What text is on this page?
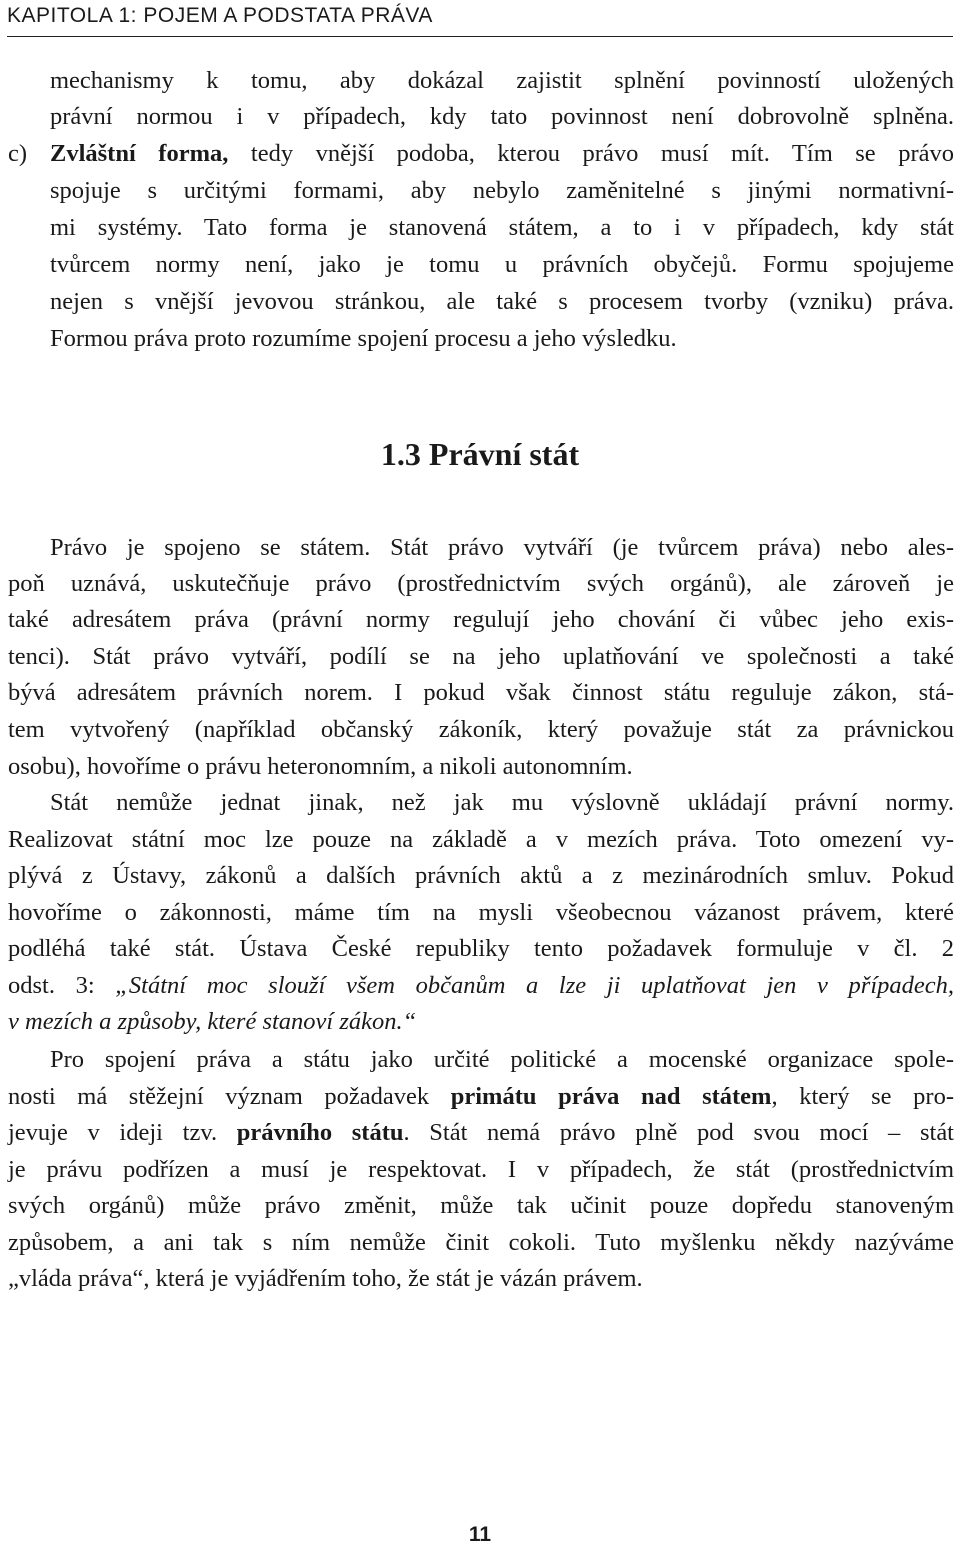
KAPITOLA 1: POJEM A PODSTATA PRÁVA
mechanismy k tomu, aby dokázal zajistit splnění povinností uložených
právní normou i v případech, kdy tato povinnost není dobrovolně splněna.
c) Zvláštní forma, tedy vnější podoba, kterou právo musí mít. Tím se právo
spojuje s určitými formami, aby nebylo zaměnitelné s jinými normativní-
mi systémy. Tato forma je stanovená státem, a to i v případech, kdy stát
tvůrcem normy není, jako je tomu u právních obyčejů. Formu spojujeme
nejen s vnější jevovou stránkou, ale také s procesem tvorby (vzniku) práva.
Formou práva proto rozumíme spojení procesu a jeho výsledku.
1.3 Právní stát
Právo je spojeno se státem. Stát právo vytváří (je tvůrcem práva) nebo ales-
poň uznává, uskutečňuje právo (prostřednictvím svých orgánů), ale zároveň je
také adresátem práva (právní normy regulují jeho chování či vůbec jeho exis-
tenci). Stát právo vytváří, podílí se na jeho uplatňování ve společnosti a také
bývá adresátem právních norem. I pokud však činnost státu reguluje zákon, stá-
tem vytvořený (například občanský zákoník, který považuje stát za právnickou
osobu), hovoříme o právu heteronomním, a nikoli autonomním.
Stát nemůže jednat jinak, než jak mu výslovně ukládají právní normy.
Realizovat státní moc lze pouze na základě a v mezích práva. Toto omezení vy-
plývá z Ústavy, zákonů a dalších právních aktů a z mezinárodních smluv. Pokud
hovoříme o zákonnosti, máme tím na mysli všeobecnou vázanost právem, které
podléhá také stát. Ústava České republiky tento požadavek formuluje v čl. 2
odst. 3: „Státní moc slouží všem občanům a lze ji uplatňovat jen v případech,
v mezích a způsoby, které stanoví zákon.“
Pro spojení práva a státu jako určité politické a mocenské organizace spole-
nosti má stěžejní význam požadavek primátu práva nad státem, který se pro-
jevuje v ideji tzv. právního státu. Stát nemá právo plně pod svou mocí – stát
je právu podřízen a musí je respektovat. I v případech, že stát (prostřednictvím
svých orgánů) může právo změnit, může tak učinit pouze dopředu stanoveným
způsobem, a ani tak s ním nemůže činit cokoli. Tuto myšlenku někdy nazýváme
„vláda práva“, která je vyjádřením toho, že stát je vázán právem.
11
